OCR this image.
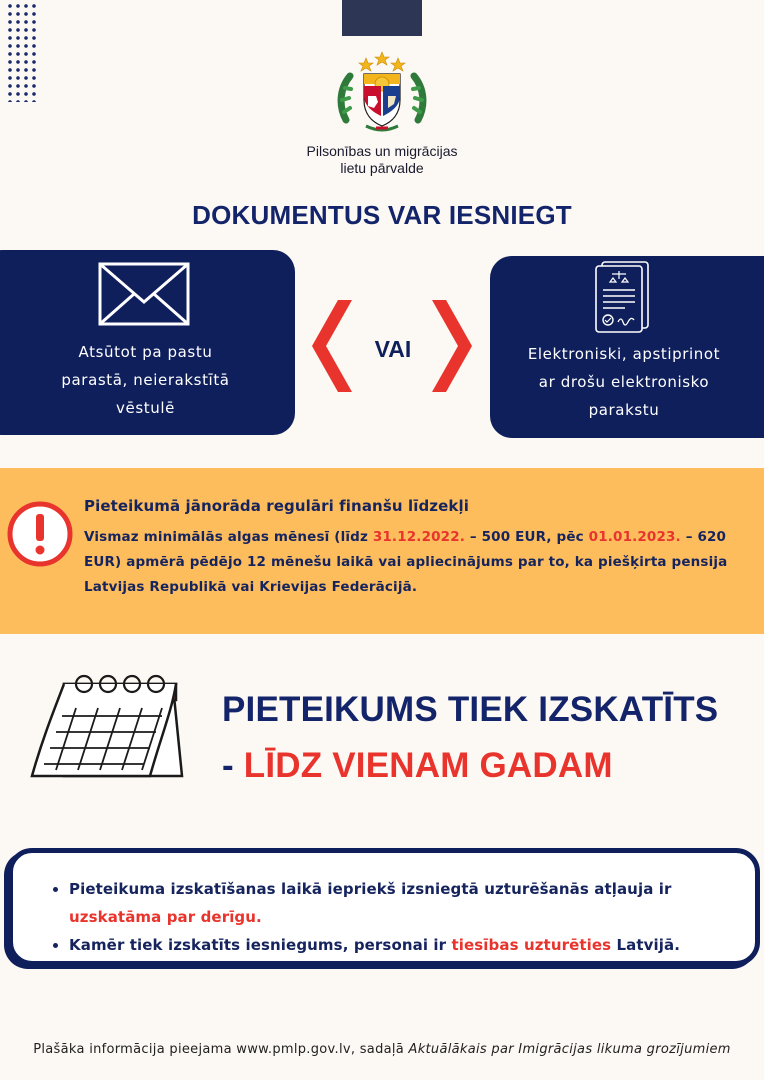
Pilsonības un migrācijas
lietu pārvalde
DOKUMENTUS VAR IESNIEGT
Atsūtot pa pastu
parastā, neierakstītā
vēstulē
VAI	Elektroniski, apstiprinot
ar drošu elektronisko
parakstu
Pieteikumā jānorāda regulāri finanšu līdzekļi
Vismaz minimālās algas mēnesī (līdz 31.12.2022. – 500 EUR, pēc 01.01.2023. – 620 EUR) apmērā pēdējo 12 mēnešu laikā vai apliecinājums par to, ka piešķirta pensija Latvijas Republikā vai Krievijas Federācijā.
PIETEIKUMS TIEK IZSKATĪTS
- LĪDZ VIENAM GADAM
• Pieteikuma izskatīšanas laikā iepriekš izsniegtā uzturēšanās atļauja ir uzskatāma par derīgu.
• Kamēr tiek izskatīts iesniegums, personai ir tiesības uzturēties Latvijā.
Plašāka informācija pieejama www.pmlp.gov.lv, sadaļā Aktuālākais par Imigrācijas likuma grozījumiem
